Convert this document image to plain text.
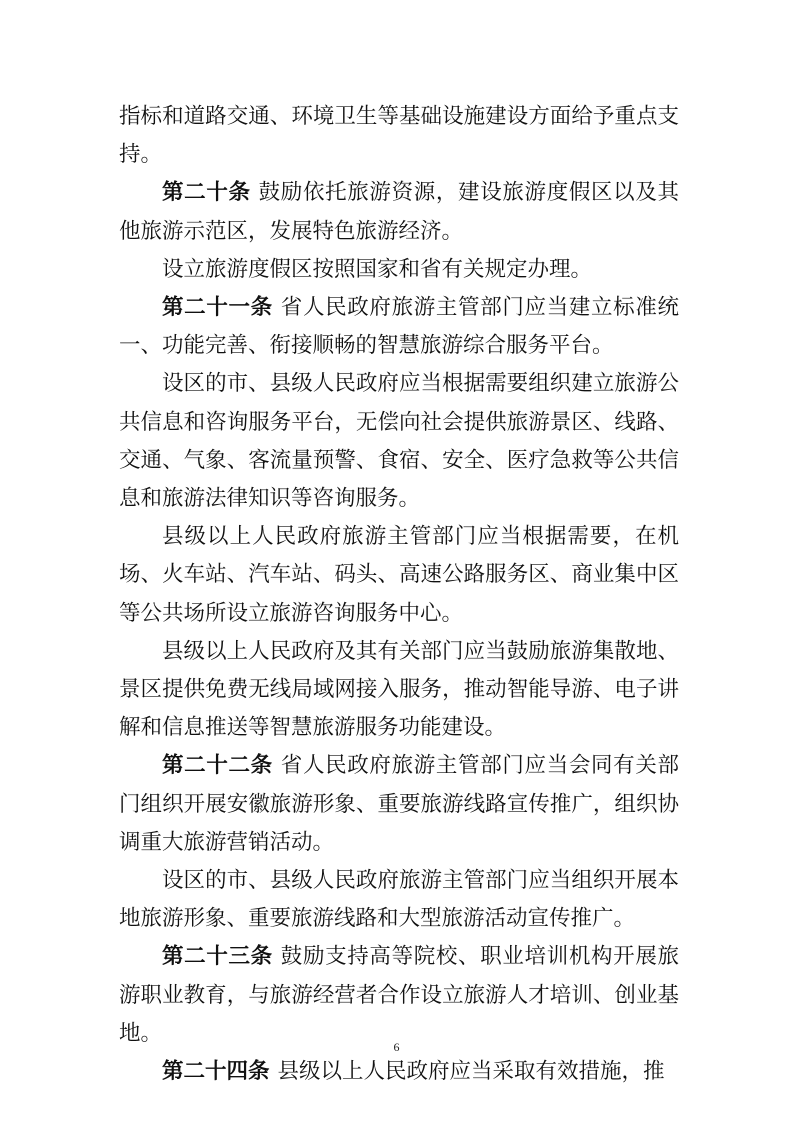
指标和道路交通、环境卫生等基础设施建设方面给予重点支持。

第二十条 鼓励依托旅游资源，建设旅游度假区以及其他旅游示范区，发展特色旅游经济。

设立旅游度假区按照国家和省有关规定办理。

第二十一条 省人民政府旅游主管部门应当建立标准统一、功能完善、衔接顺畅的智慧旅游综合服务平台。

设区的市、县级人民政府应当根据需要组织建立旅游公共信息和咨询服务平台，无偿向社会提供旅游景区、线路、交通、气象、客流量预警、食宿、安全、医疗急救等公共信息和旅游法律知识等咨询服务。

县级以上人民政府旅游主管部门应当根据需要，在机场、火车站、汽车站、码头、高速公路服务区、商业集中区等公共场所设立旅游咨询服务中心。

县级以上人民政府及其有关部门应当鼓励旅游集散地、景区提供免费无线局域网接入服务，推动智能导游、电子讲解和信息推送等智慧旅游服务功能建设。

第二十二条 省人民政府旅游主管部门应当会同有关部门组织开展安徽旅游形象、重要旅游线路宣传推广，组织协调重大旅游营销活动。

设区的市、县级人民政府旅游主管部门应当组织开展本地旅游形象、重要旅游线路和大型旅游活动宣传推广。

第二十三条 鼓励支持高等院校、职业培训机构开展旅游职业教育，与旅游经营者合作设立旅游人才培训、创业基地。

第二十四条 县级以上人民政府应当采取有效措施，推

6
